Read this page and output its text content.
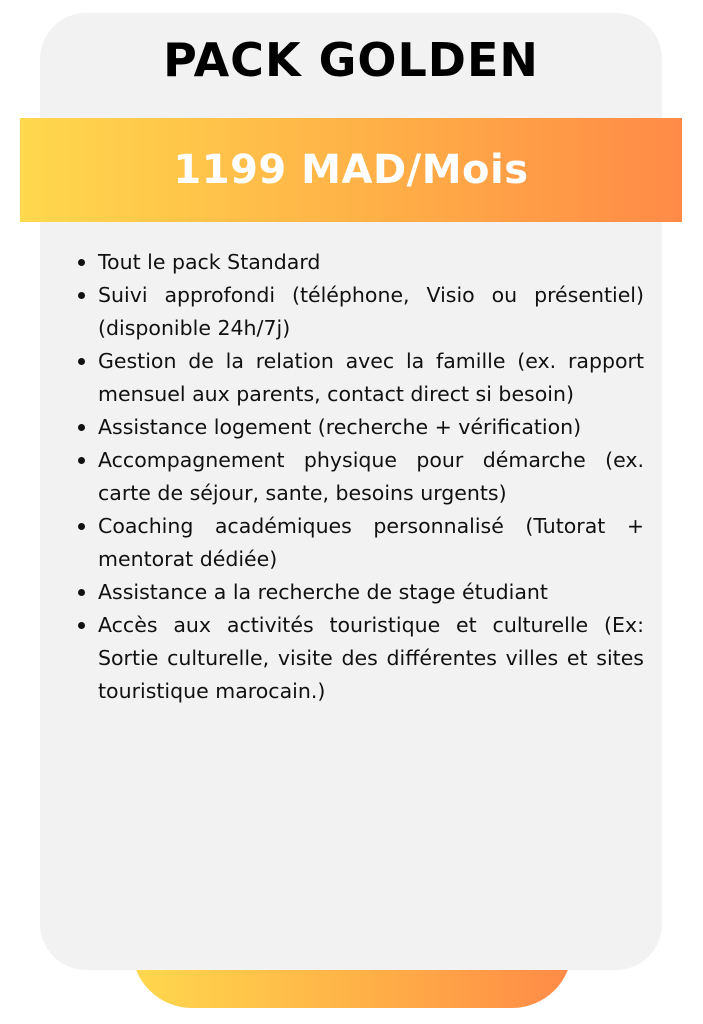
PACK GOLDEN
1199 MAD/Mois
Tout le pack Standard
Suivi approfondi (téléphone, Visio ou présentiel) (disponible 24h/7j)
Gestion de la relation avec la famille (ex. rapport mensuel aux parents, contact direct si besoin)
Assistance logement (recherche + vérification)
Accompagnement physique pour démarche (ex. carte de séjour, sante, besoins urgents)
Coaching académiques personnalisé (Tutorat + mentorat dédiée)
Assistance a la recherche de stage étudiant
Accès aux activités touristique et culturelle (Ex: Sortie culturelle, visite des différentes villes et sites touristique marocain.)
